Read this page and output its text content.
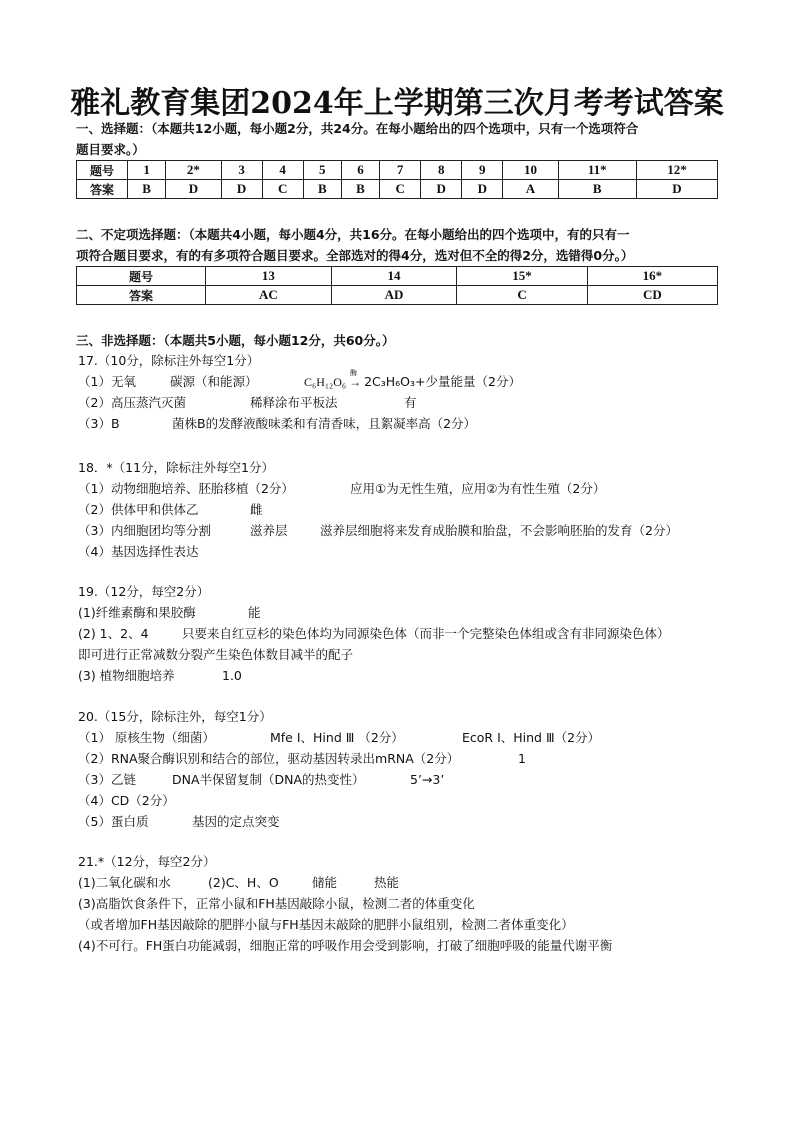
雅礼教育集团2024年上学期第三次月考考试答案
一、选择题：（本题共12小题，每小题2分，共24分。在每小题给出的四个选项中，只有一个选项符合
题目要求。）
题号	1	2*	3	4	5	6	7	8	9	10	11*	12*
答案	B	D	D	C	B	B	C	D	D	A	B	D
二、不定项选择题：（本题共4小题，每小题4分，共16分。在每小题给出的四个选项中，有的只有一
项符合题目要求，有的有多项符合题目要求。全部选对的得4分，选对但不全的得2分，选错得0分。）
题号	13	14	15*	16*
答案	AC	AD	C	CD
三、非选择题：（本题共5小题，每小题12分，共60分。）
17.（10分，除标注外每空1分）
（1）无氧	碳源（和能源）	C₆H₁₂O₆
酶
→ 2C₃H₆O₃+少量能量（2分）
（2）高压蒸汽灭菌	稀释涂布平板法	有
（3）B	菌株B的发酵液酸味柔和有清香味，且絮凝率高（2分）
18．*（11分，除标注外每空1分）
（1）动物细胞培养、胚胎移植（2分）	应用①为无性生殖，应用②为有性生殖（2分）
（2）供体甲和供体乙	雌
（3）内细胞团均等分割	滋养层	滋养层细胞将来发育成胎膜和胎盘，不会影响胚胎的发育（2分）
（4）基因选择性表达
19.（12分，每空2分）
(1)纤维素酶和果胶酶	能
(2) 1、2、4	只要来自红豆杉的染色体均为同源染色体（而非一个完整染色体组或含有非同源染色体）
即可进行正常减数分裂产生染色体数目减半的配子
(3) 植物细胞培养	1.0
20.（15分，除标注外，每空1分）
（1） 原核生物（细菌）	Mfe I、Hind Ⅲ （2分）	EcoR I、Hind Ⅲ（2分）
（2）RNA聚合酶识别和结合的部位，驱动基因转录出mRNA（2分）	1
（3）乙链	DNA半保留复制（DNA的热变性）	5’→3’
（4）CD（2分）
（5）蛋白质	基因的定点突变
21.*（12分，每空2分）
(1)二氧化碳和水	(2)C、H、O	储能	热能
(3)高脂饮食条件下，正常小鼠和FH基因敲除小鼠，检测二者的体重变化
（或者增加FH基因敲除的肥胖小鼠与FH基因未敲除的肥胖小鼠组别，检测二者体重变化）
(4)不可行。FH蛋白功能减弱，细胞正常的呼吸作用会受到影响，打破了细胞呼吸的能量代谢平衡
